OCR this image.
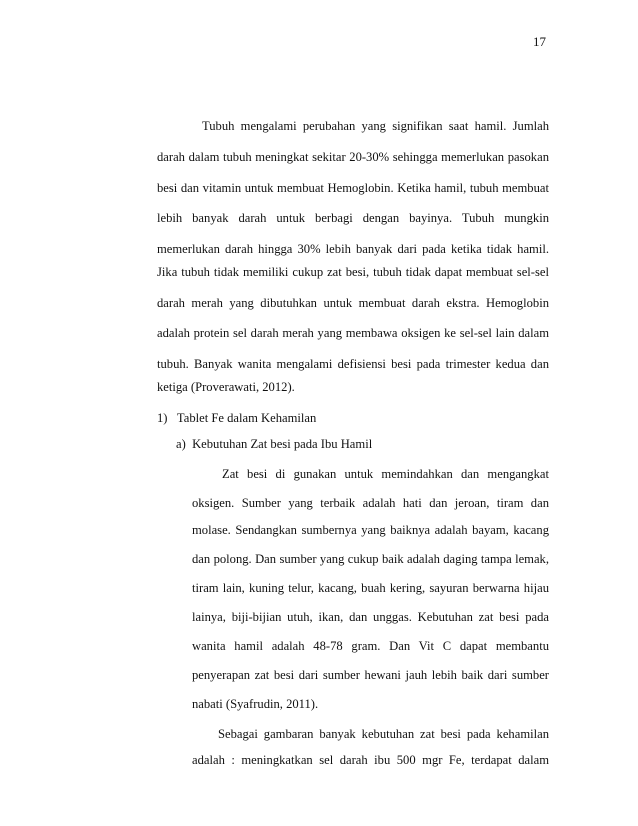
17
Tubuh mengalami perubahan yang signifikan saat hamil. Jumlah
darah dalam tubuh meningkat sekitar 20-30% sehingga memerlukan pasokan
besi dan vitamin untuk membuat Hemoglobin. Ketika hamil, tubuh membuat
lebih banyak darah untuk berbagi dengan bayinya. Tubuh mungkin
memerlukan darah hingga 30% lebih banyak dari pada ketika tidak hamil.
Jika tubuh tidak memiliki cukup zat besi, tubuh tidak dapat membuat sel-sel
darah merah yang dibutuhkan untuk membuat darah ekstra. Hemoglobin
adalah protein sel darah merah yang membawa oksigen ke sel-sel lain dalam
tubuh. Banyak wanita mengalami defisiensi besi pada trimester kedua dan
ketiga (Proverawati, 2012).
1)   Tablet Fe dalam Kehamilan
a)  Kebutuhan Zat besi pada Ibu Hamil
Zat besi di gunakan untuk memindahkan dan mengangkat
oksigen. Sumber yang terbaik adalah hati dan jeroan, tiram dan
molase. Sendangkan sumbernya yang baiknya adalah bayam, kacang
dan polong. Dan sumber yang cukup baik adalah daging tampa lemak,
tiram lain, kuning telur, kacang, buah kering, sayuran berwarna hijau
lainya, biji-bijian utuh, ikan, dan unggas. Kebutuhan zat besi pada
wanita hamil adalah 48-78 gram. Dan Vit C dapat membantu
penyerapan zat besi dari sumber hewani jauh lebih baik dari sumber
nabati (Syafrudin, 2011).
Sebagai gambaran banyak kebutuhan zat besi pada kehamilan
adalah : meningkatkan sel darah ibu 500 mgr Fe, terdapat dalam
